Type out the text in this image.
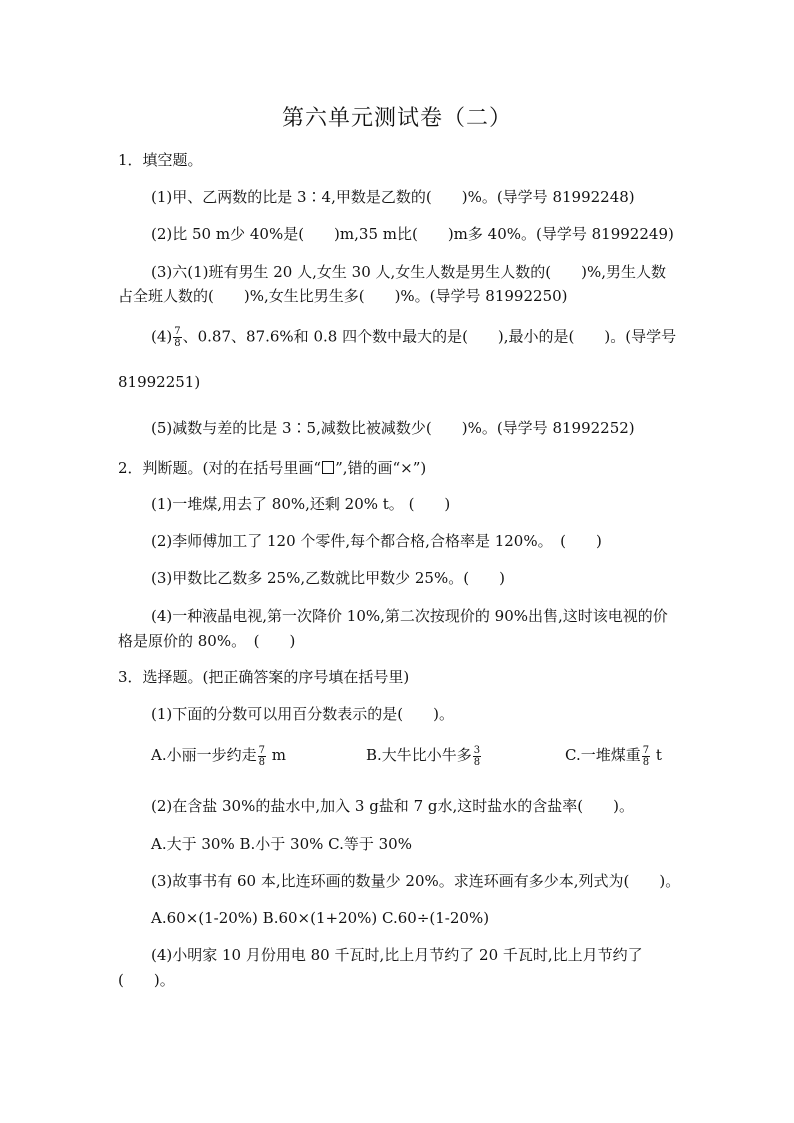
第六单元测试卷（二）
1．填空题。
(1)甲、乙两数的比是 3∶4,甲数是乙数的(　　)%。(导学号 81992248)
(2)比 50 m少 40%是(　　)m,35 m比(　　)m多 40%。(导学号 81992249)
(3)六(1)班有男生 20 人,女生 30 人,女生人数是男生人数的(　　)%,男生人数
占全班人数的(　　)%,女生比男生多(　　)%。(导学号 81992250)
$(4) \frac{7}{8}$ 、0.87、87.6%和 0.8 四个数中最大的是(　　),最小的是(　　)。(导学号
81992251)
(5)减数与差的比是 3∶5,减数比被减数少(　　)%。(导学号 81992252)
2．判断题。(对的在括号里画“ ”,错的画“×”)
(1)一堆煤,用去了 80%,还剩 20% t。 (　　)
(2)李师傅加工了 120 个零件,每个都合格,合格率是 120%。　(　　)
(3)甲数比乙数多 25%,乙数就比甲数少 25%。(　　)
(4)一种液晶电视,第一次降价 10%,第二次按现价的 90%出售,这时该电视的价
格是原价的 80%。　(　　)
3．选择题。(把正确答案的序号填在括号里)
(1)下面的分数可以用百分数表示的是(　　)。
A.小丽一步约走 $\frac{7}{8}$ m	B.大牛比小牛多 $\frac{3}{8}$	C.一堆煤重 $\frac{7}{8}$ t
(2)在含盐 30%的盐水中,加入 3 g盐和 7 g水,这时盐水的含盐率(　　)。
A.大于 30% B.小于 30% C.等于 30%
(3)故事书有 60 本,比连环画的数量少 20%。求连环画有多少本,列式为(　　)。
A.60×(1-20%) B.60×(1+20%) C.60÷(1-20%)
(4)小明家 10 月份用电 80 千瓦时,比上月节约了 20 千瓦时,比上月节约了
(　　)。
